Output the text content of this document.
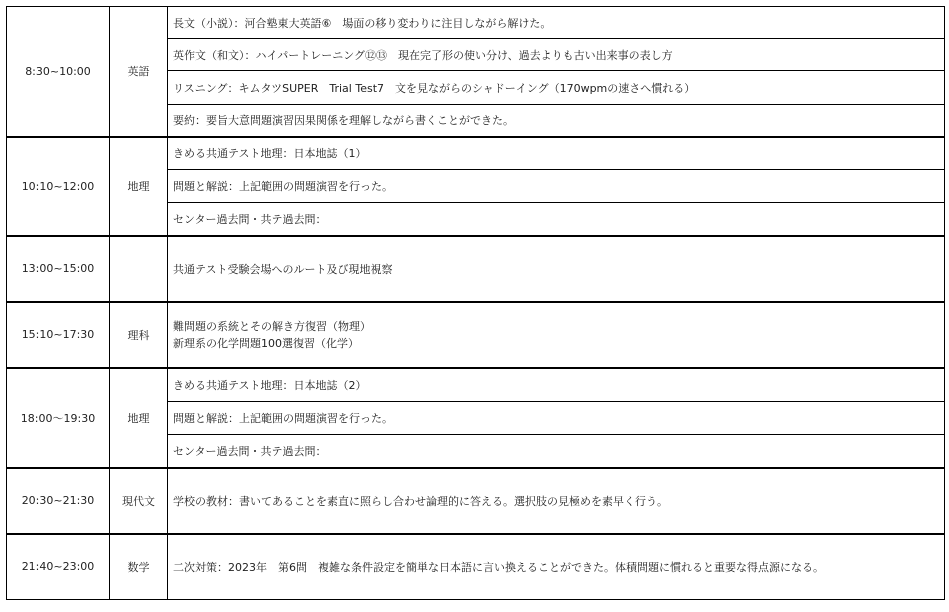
8:30~10:00	英語	長文（小説）：河合塾東大英語⑥　場面の移り変わりに注目しながら解けた。
		英作文（和文）：ハイパートレーニング⑫⑬　現在完了形の使い分け、過去よりも古い出来事の表し方
		リスニング：キムタツSUPER　Trial Test7　文を見ながらのシャドーイング（170wpmの速さへ慣れる）
		要約：要旨大意問題演習因果関係を理解しながら書くことができた。
10:10~12:00	地理	きめる共通テスト地理：日本地誌（1）
		問題と解説：上記範囲の問題演習を行った。
		センター過去問・共テ過去問：
13:00~15:00		共通テスト受験会場へのルート及び現地視察
15:10~17:30	理科	難問題の系統とその解き方復習（物理）
新理系の化学問題100選復習（化学）

18:00～19:30	地理	きめる共通テスト地理：日本地誌（2）
		問題と解説：上記範囲の問題演習を行った。
		センター過去問・共テ過去問：
20:30~21:30	現代文	学校の教材：書いてあることを素直に照らし合わせ論理的に答える。選択肢の見極めを素早く行う。
21:40~23:00	数学	二次対策：2023年　第6問　複雑な条件設定を簡単な日本語に言い換えることができた。体積問題に慣れると重要な得点源になる。
